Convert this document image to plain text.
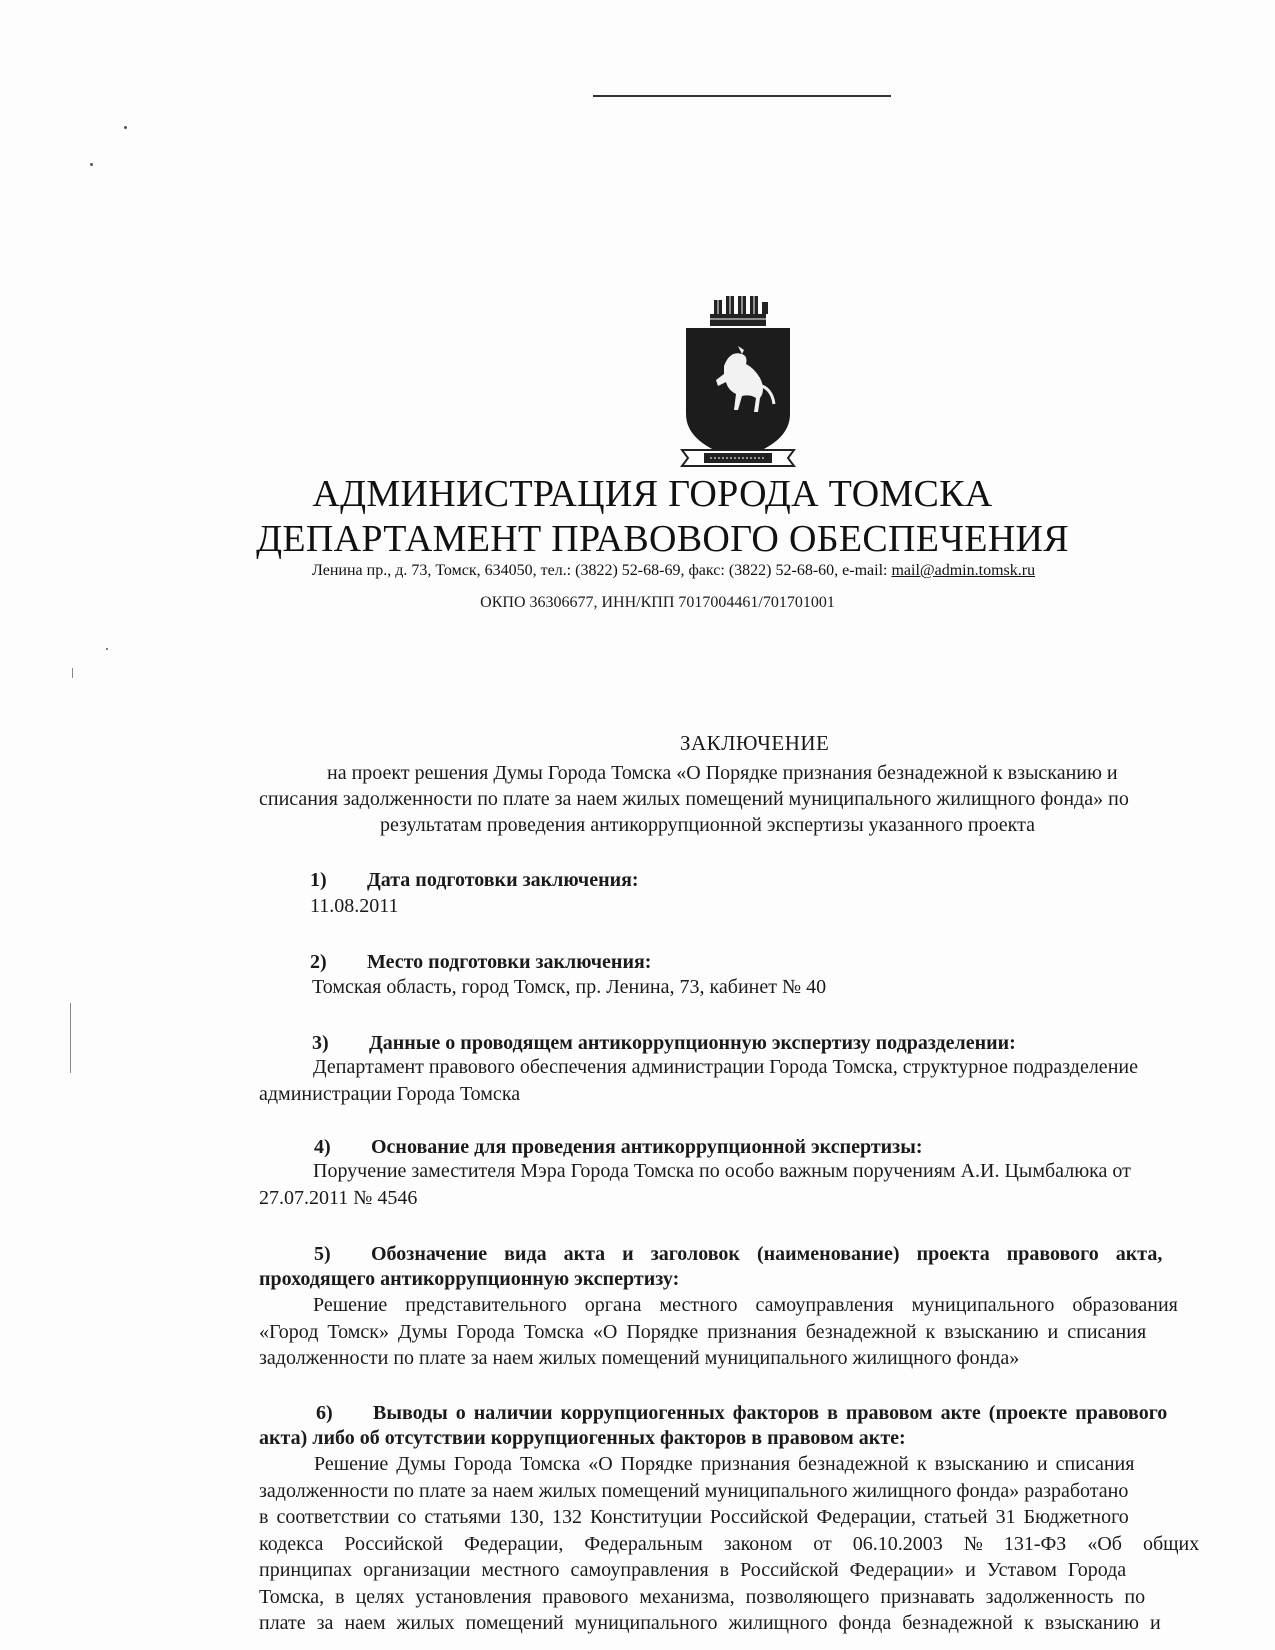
АДМИНИСТРАЦИЯ ГОРОДА ТОМСКА
ДЕПАРТАМЕНТ ПРАВОВОГО ОБЕСПЕЧЕНИЯ
Ленина пр., д. 73, Томск, 634050, тел.: (3822) 52-68-69, факс: (3822) 52-68-60, e-mail: mail@admin.tomsk.ru
ОКПО 36306677, ИНН/КПП 7017004461/701701001
ЗАКЛЮЧЕНИЕ
на проект решения Думы Города Томска «О Порядке признания безнадежной к взысканию и
списания задолженности по плате за наем жилых помещений муниципального жилищного фонда» по
результатам проведения антикоррупционной экспертизы указанного проекта
1) Дата подготовки заключения:
11.08.2011
2) Место подготовки заключения:
Томская область, город Томск, пр. Ленина, 73, кабинет № 40
3) Данные о проводящем антикоррупционную экспертизу подразделении:
Департамент правового обеспечения администрации Города Томска, структурное подразделение
администрации Города Томска
4) Основание для проведения антикоррупционной экспертизы:
Поручение заместителя Мэра Города Томска по особо важным поручениям А.И. Цымбалюка от
27.07.2011 № 4546
5) Обозначение вида акта и заголовок (наименование) проекта правового акта,
проходящего антикоррупционную экспертизу:
Решение представительного органа местного самоуправления муниципального образования
«Город Томск» Думы Города Томска «О Порядке признания безнадежной к взысканию и списания
задолженности по плате за наем жилых помещений муниципального жилищного фонда»
6) Выводы о наличии коррупциогенных факторов в правовом акте (проекте правового
акта) либо об отсутствии коррупциогенных факторов в правовом акте:
Решение Думы Города Томска «О Порядке признания безнадежной к взысканию и списания
задолженности по плате за наем жилых помещений муниципального жилищного фонда» разработано
в соответствии со статьями 130, 132 Конституции Российской Федерации, статьей 31 Бюджетного
кодекса Российской Федерации, Федеральным законом от 06.10.2003 № 131-ФЗ «Об общих
принципах организации местного самоуправления в Российской Федерации» и Уставом Города
Томска, в целях установления правового механизма, позволяющего признавать задолженность по
плате за наем жилых помещений муниципального жилищного фонда безнадежной к взысканию и
